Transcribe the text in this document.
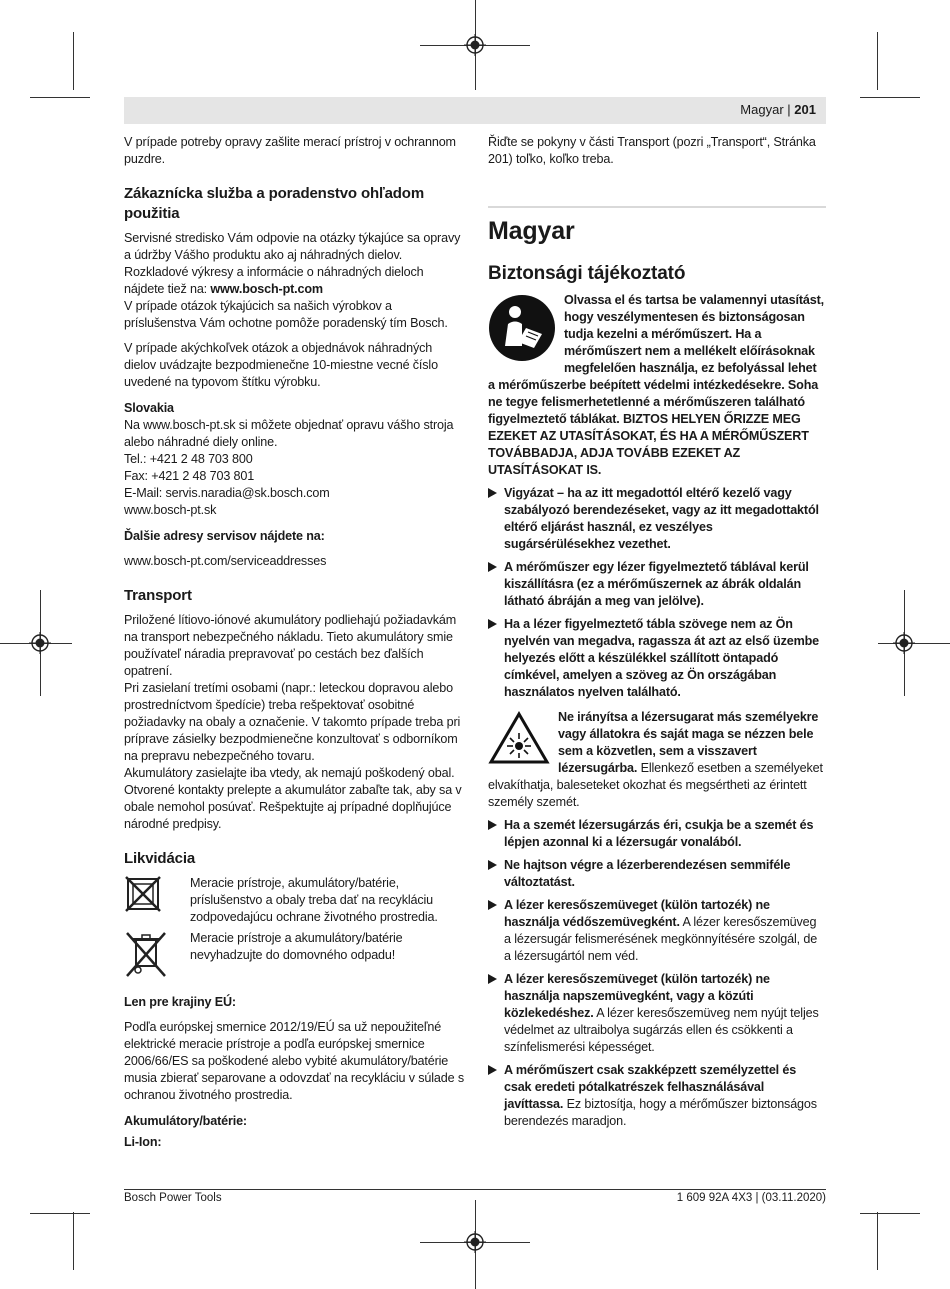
Magyar | 201

V prípade potreby opravy zašlite merací prístroj v ochrannom puzdre.

Zákaznícka služba a poradenstvo ohľadom použitia

Servisné stredisko Vám odpovie na otázky týkajúce sa opravy a údržby Vášho produktu ako aj náhradných dielov. Rozkladové výkresy a informácie o náhradných dieloch nájdete tiež na: www.bosch-pt.com

V prípade otázok týkajúcich sa našich výrobkov a príslušenstva Vám ochotne pomôže poradenský tím Bosch.

V prípade akýchkoľvek otázok a objednávok náhradných dielov uvádzajte bezpodmienečne 10-miestne vecné číslo uvedené na typovom štítku výrobku.

Slovakia

Na www.bosch-pt.sk si môžete objednať opravu vášho stroja alebo náhradné diely online.

Tel.: +421 2 48 703 800

Fax: +421 2 48 703 801

E-Mail: servis.naradia@sk.bosch.com

www.bosch-pt.sk

Ďalšie adresy servisov nájdete na:

www.bosch-pt.com/serviceaddresses

Transport

Priložené lítiovo-iónové akumulátory podliehajú požiadavkám na transport nebezpečného nákladu. Tieto akumulátory smie používateľ náradia prepravovať po cestách bez ďalších opatrení.

Pri zasielaní tretími osobami (napr.: leteckou dopravou alebo prostredníctvom špedície) treba rešpektovať osobitné požiadavky na obaly a označenie. V takomto prípade treba pri príprave zásielky bezpodmienečne konzultovať s odborníkom na prepravu nebezpečného tovaru.

Akumulátory zasielajte iba vtedy, ak nemajú poškodený obal. Otvorené kontakty prelepte a akumulátor zabaľte tak, aby sa v obale nemohol posúvať. Rešpektujte aj prípadné doplňujúce národné predpisy.

Likvidácia

Meracie prístroje, akumulátory/batérie, príslušenstvo a obaly treba dať na recykláciu zodpovedajúcu ochrane životného prostredia.

Meracie prístroje a akumulátory/batérie nevyhadzujte do domovného odpadu!

Len pre krajiny EÚ:

Podľa európskej smernice 2012/19/EÚ sa už nepoužiteľné elektrické meracie prístroje a podľa európskej smernice 2006/66/ES sa poškodené alebo vybité akumulátory/batérie musia zbierať separovane a odovzdať na recykláciu v súlade s ochranou životného prostredia.

Akumulátory/batérie:
Li-Ion:

Řiďte se pokyny v části Transport (pozri „Transport“, Stránka 201) toľko, koľko treba.

Magyar
Biztonsági tájékoztató

Olvassa el és tartsa be valamennyi utasítást, hogy veszélymentesen és biztonságosan tudja kezelni a mérőműszert. Ha a mérőműszert nem a mellékelt előírásoknak megfelelően használja, ez befolyással lehet a mérőműszerbe beépített védelmi intézkedésekre. Soha ne tegye felismerhetetlenné a mérőműszeren található figyelmeztető táblákat. BIZTOS HELYEN ŐRIZZE MEG EZEKET AZ UTASÍTÁSOKAT, ÉS HA A MÉRŐMŰSZERT TOVÁBBADJA, ADJA TOVÁBB EZEKET AZ UTASÍTÁSOKAT IS.

Vigyázat – ha az itt megadottól eltérő kezelő vagy szabályozó berendezéseket, vagy az itt megadottaktól eltérő eljárást használ, ez veszélyes sugársérülésekhez vezethet.
A mérőműszer egy lézer figyelmeztető táblával kerül kiszállításra (ez a mérőműszernek az ábrák oldalán látható ábráján a meg van jelölve).
Ha a lézer figyelmeztető tábla szövege nem az Ön nyelvén van megadva, ragassza át azt az első üzembe helyezés előtt a készülékkel szállított öntapadó címkével, amelyen a szöveg az Ön országában használatos nyelven található.

Ne irányítsa a lézersugarat más személyekre vagy állatokra és saját maga se nézzen bele sem a közvetlen, sem a visszavert lézersugárba. Ellenkező esetben a személyeket elvakíthatja, baleseteket okozhat és megsértheti az érintett személy szemét.

Ha a szemét lézersugárzás éri, csukja be a szemét és lépjen azonnal ki a lézersugár vonalából.
Ne hajtson végre a lézerberendezésen semmiféle változtatást.
A lézer keresőszemüveget (külön tartozék) ne használja védőszemüvegként. A lézer keresőszemüveg a lézersugár felismerésének megkönnyítésére szolgál, de a lézersugártól nem véd.
A lézer keresőszemüveget (külön tartozék) ne használja napszemüvegként, vagy a közúti közlekedéshez. A lézer keresőszemüveg nem nyújt teljes védelmet az ultraibolya sugárzás ellen és csökkenti a színfelismerési képességet.
A mérőműszert csak szakképzett személyzettel és csak eredeti pótalkatrészek felhasználásával javíttassa. Ez biztosítja, hogy a mérőműszer biztonságos berendezés maradjon.
Bosch Power Tools	1 609 92A 4X3 | (03.11.2020)
